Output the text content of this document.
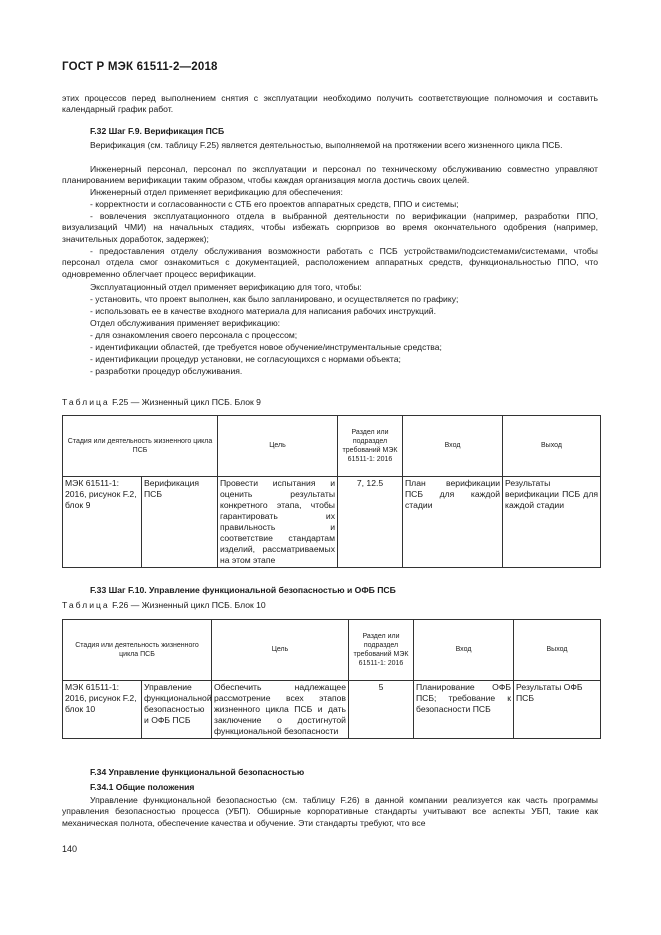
ГОСТ Р МЭК 61511-2—2018
этих процессов перед выполнением снятия с эксплуатации необходимо получить соответствующие полномочия и составить календарный график работ.
F.32 Шаг F.9. Верификация ПСБ
Верификация (см. таблицу F.25) является деятельностью, выполняемой на протяжении всего жизненного цикла ПСБ.
Инженерный персонал, персонал по эксплуатации и персонал по техническому обслуживанию совместно управляют планированием верификации таким образом, чтобы каждая организация могла достичь своих целей.
Инженерный отдел применяет верификацию для обеспечения:
- корректности и согласованности с СТБ его проектов аппаратных средств, ППО и системы;
- вовлечения эксплуатационного отдела в выбранной деятельности по верификации (например, разработки ППО, визуализаций ЧМИ) на начальных стадиях, чтобы избежать сюрпризов во время окончательного одобрения (например, значительных доработок, задержек);
- предоставления отделу обслуживания возможности работать с ПСБ устройствами/подсистемами/системами, чтобы персонал отдела смог ознакомиться с документацией, расположением аппаратных средств, функциональностью ППО, что одновременно облегчает процесс верификации.
Эксплуатационный отдел применяет верификацию для того, чтобы:
- установить, что проект выполнен, как было запланировано, и осуществляется по графику;
- использовать ее в качестве входного материала для написания рабочих инструкций.
Отдел обслуживания применяет верификацию:
- для ознакомления своего персонала с процессом;
- идентификации областей, где требуется новое обучение/инструментальные средства;
- идентификации процедур установки, не согласующихся с нормами объекта;
- разработки процедур обслуживания.
Таблица F.25 — Жизненный цикл ПСБ. Блок 9
Стадия или деятельность жизненного цикла ПСБ		Цель	Раздел или подраздел требований МЭК 61511-1: 2016	Вход	Выход
МЭК 61511-1: 2016, рисунок F.2, блок 9	Верификация ПСБ	Провести испытания и оценить результаты конкретного этапа, чтобы гарантировать их правильность и соответствие стандартам изделий, рассматриваемых на этом этапе	7, 12.5	План верификации ПСБ для каждой стадии	Результаты верификации ПСБ для каждой стадии
F.33 Шаг F.10. Управление функциональной безопасностью и ОФБ ПСБ
Таблица F.26 — Жизненный цикл ПСБ. Блок 10
Стадия или деятельность жизненного цикла ПСБ		Цель	Раздел или подраздел требований МЭК 61511-1: 2016	Вход	Выход
МЭК 61511-1: 2016, рисунок F.2, блок 10	Управление функциональной безопасностью и ОФБ ПСБ	Обеспечить надлежащее рассмотрение всех этапов жизненного цикла ПСБ и дать заключение о достигнутой функциональной безопасности	5	Планирование ОФБ ПСБ; требование к безопасности ПСБ	Результаты ОФБ ПСБ
F.34 Управление функциональной безопасностью
F.34.1 Общие положения
Управление функциональной безопасностью (см. таблицу F.26) в данной компании реализуется как часть программы управления безопасностью процесса (УБП). Обширные корпоративные стандарты учитывают все аспекты УБП, такие как механическая полнота, обеспечение качества и обучение. Эти стандарты требуют, что все
140
